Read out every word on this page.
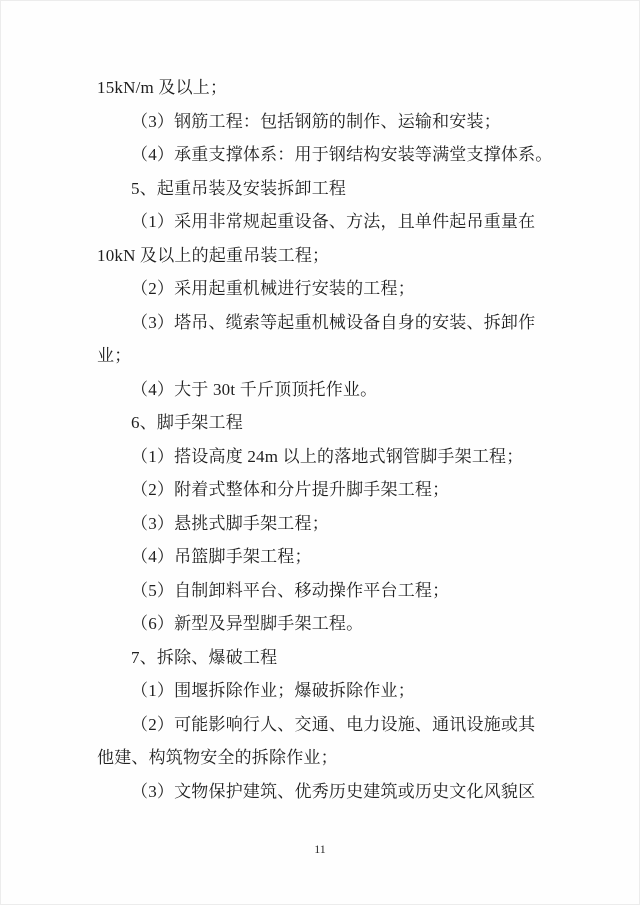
15kN/m 及以上；

（3）钢筋工程：包括钢筋的制作、运输和安装；

（4）承重支撑体系：用于钢结构安装等满堂支撑体系。

5、起重吊装及安装拆卸工程

（1）采用非常规起重设备、方法，且单件起吊重量在

10kN 及以上的起重吊装工程；

（2）采用起重机械进行安装的工程；

（3）塔吊、缆索等起重机械设备自身的安装、拆卸作

业；

（4）大于 30t 千斤顶顶托作业。

6、脚手架工程

（1）搭设高度 24m 以上的落地式钢管脚手架工程；

（2）附着式整体和分片提升脚手架工程；

（3）悬挑式脚手架工程；

（4）吊篮脚手架工程；

（5）自制卸料平台、移动操作平台工程；

（6）新型及异型脚手架工程。

7、拆除、爆破工程

（1）围堰拆除作业；爆破拆除作业；

（2）可能影响行人、交通、电力设施、通讯设施或其

他建、构筑物安全的拆除作业；

（3）文物保护建筑、优秀历史建筑或历史文化风貌区

11
